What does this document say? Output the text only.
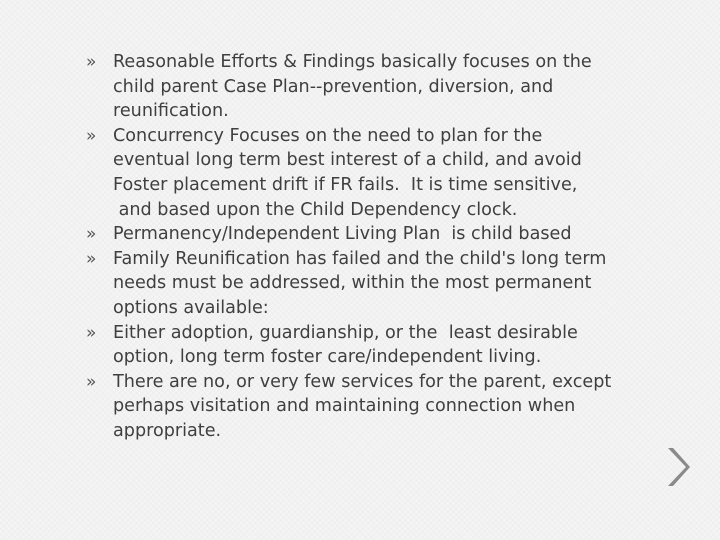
» Reasonable Efforts & Findings basically focuses on the
child parent Case Plan--prevention, diversion, and
reunification.
» Concurrency Focuses on the need to plan for the
eventual long term best interest of a child, and avoid
Foster placement drift if FR fails.  It is time sensitive,
and based upon the Child Dependency clock.
» Permanency/Independent Living Plan  is child based
» Family Reunification has failed and the child's long term
needs must be addressed, within the most permanent
options available:
» Either adoption, guardianship, or the  least desirable
option, long term foster care/independent living.
» There are no, or very few services for the parent, except
perhaps visitation and maintaining connection when
appropriate.
